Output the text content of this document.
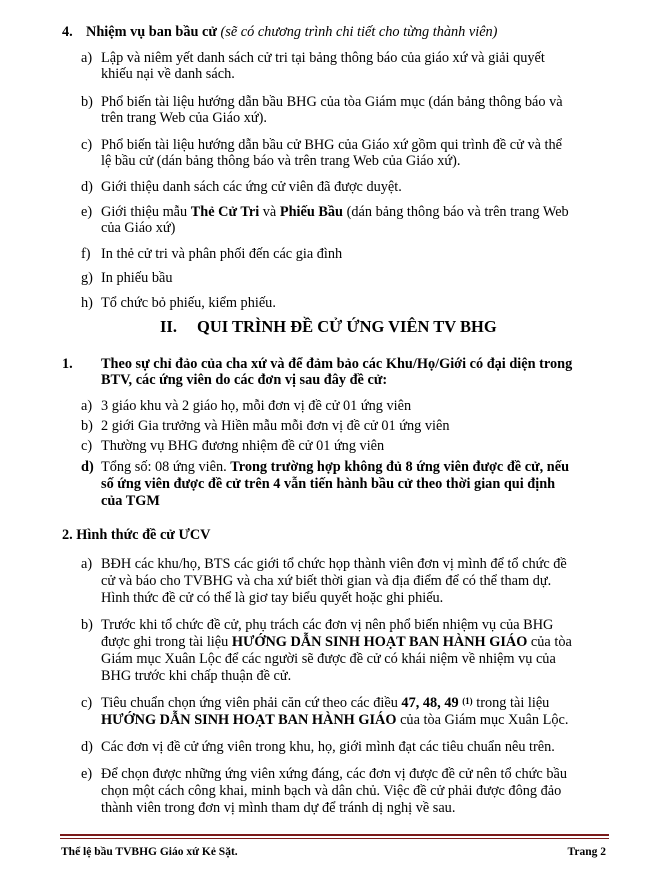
4. Nhiệm vụ ban bầu cử (sẽ có chương trình chi tiết cho từng thành viên)
a) Lập và niêm yết danh sách cử tri tại bảng thông báo của giáo xứ và giải quyết
khiếu nại về danh sách.
b) Phổ biến tài liệu hướng dẫn bầu BHG của tòa Giám mục (dán bảng thông báo và
trên trang Web của Giáo xứ).
c) Phổ biến tài liệu hướng dẫn bầu cử BHG của Giáo xứ gồm qui trình đề cử và thể
lệ bầu cử (dán bảng thông báo và trên trang Web của Giáo xứ).
d) Giới thiệu danh sách các ứng cử viên đã được duyệt.
e) Giới thiệu mẫu Thẻ Cử Tri và Phiếu Bầu (dán bảng thông báo và trên trang Web
của Giáo xứ)
f) In thẻ cử tri và phân phối đến các gia đình
g) In phiếu bầu
h) Tổ chức bỏ phiếu, kiểm phiếu.
II. QUI TRÌNH ĐỀ CỬ ỨNG VIÊN TV BHG
1. Theo sự chỉ đảo của cha xứ và để đảm bảo các Khu/Họ/Giới có đại diện trong
BTV, các ứng viên do các đơn vị sau đây đề cử:
a) 3 giáo khu và 2 giáo họ, mỗi đơn vị đề cử 01 ứng viên
b) 2 giới Gia trưởng và Hiền mẫu mỗi đơn vị đề cử 01 ứng viên
c) Thường vụ BHG đương nhiệm đề cử 01 ứng viên
d) Tổng số: 08 ứng viên. Trong trường hợp không đủ 8 ứng viên được đề cử, nếu
số ứng viên được đề cử trên 4 vẫn tiến hành bầu cử theo thời gian qui định
của TGM
2. Hình thức đề cử ƯCV
a) BĐH các khu/họ, BTS các giới tổ chức họp thành viên đơn vị mình để tổ chức đề
cử và báo cho TVBHG và cha xứ biết thời gian và địa điểm để có thể tham dự.
Hình thức đề cử có thể là giơ tay biểu quyết hoặc ghi phiếu.
b) Trước khi tổ chức đề cử, phụ trách các đơn vị nên phổ biến nhiệm vụ của BHG
được ghi trong tài liệu HƯỚNG DẪN SINH HOẠT BAN HÀNH GIÁO của tòa
Giám mục Xuân Lộc để các người sẽ được đề cử có khái niệm về nhiệm vụ của
BHG trước khi chấp thuận đề cử.
c) Tiêu chuẩn chọn ứng viên phải căn cứ theo các điều 47, 48, 49 $^{(1)}$ trong tài liệu
HƯỚNG DẪN SINH HOẠT BAN HÀNH GIÁO của tòa Giám mục Xuân Lộc.
d) Các đơn vị đề cử ứng viên trong khu, họ, giới mình đạt các tiêu chuẩn nêu trên.
e) Để chọn được những ứng viên xứng đáng, các đơn vị được đề cử nên tổ chức bầu
chọn một cách công khai, minh bạch và dân chủ. Việc đề cử phải được đông đảo
thành viên trong đơn vị mình tham dự để tránh dị nghị về sau.
Thể lệ bầu TVBHG Giáo xứ Kẻ Sặt.	Trang 2
